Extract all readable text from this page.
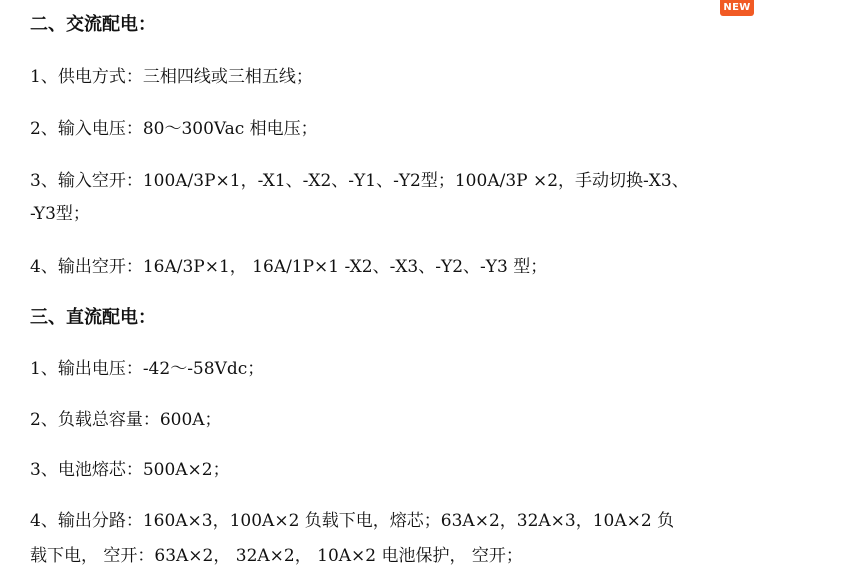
NEW
二、交流配电：
1、供电方式：三相四线或三相五线；
2、输入电压：80～300Vac 相电压；
3、输入空开：100A/3P×1，-X1、-X2、-Y1、-Y2型；100A/3P ×2，手动切换-X3、
-Y3型；
4、输出空开：16A/3P×1， 16A/1P×1 -X2、-X3、-Y2、-Y3 型；
三、直流配电：
1、输出电压：-42～-58Vdc；
2、负载总容量：600A；
3、电池熔芯：500A×2；
4、输出分路：160A×3，100A×2 负载下电，熔芯；63A×2，32A×3，10A×2 负
载下电， 空开：63A×2， 32A×2， 10A×2 电池保护， 空开；
